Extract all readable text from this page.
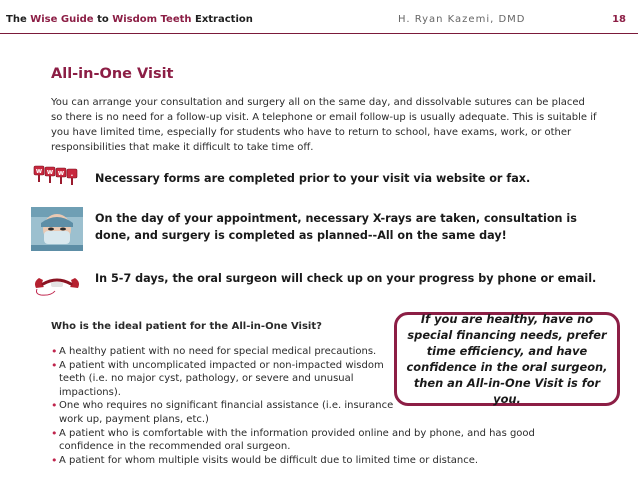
The Wise Guide to Wisdom Teeth Extraction	H. Ryan Kazemi, DMD	18
All-in-One Visit
You can arrange your consultation and surgery all on the same day, and dissolvable sutures can be placed so there is no need for a follow-up visit. A telephone or email follow-up is usually adequate. This is suitable if you have limited time, especially for students who have to return to school, have exams, work, or other responsibilities that make it difficult to take time off.
w w w . Necessary forms are completed prior to your visit via website or fax.
On the day of your appointment, necessary X-rays are taken, consultation is done, and surgery is completed as planned--All on the same day!
In 5-7 days, the oral surgeon will check up on your progress by phone or email.
Who is the ideal patient for the All-in-One Visit?
• A healthy patient with no need for special medical precautions.
• A patient with uncomplicated impacted or non-impacted wisdom teeth (i.e. no major cyst, pathology, or severe and unusual impactions).
• One who requires no significant financial assistance (i.e. insurance work up, payment plans, etc.)
• A patient who is comfortable with the information provided online and by phone, and has good confidence in the recommended oral surgeon.
• A patient for whom multiple visits would be difficult due to limited time or distance.
If you are healthy, have no special financing needs, prefer time efficiency, and have confidence in the oral surgeon, then an All-in-One Visit is for you.
